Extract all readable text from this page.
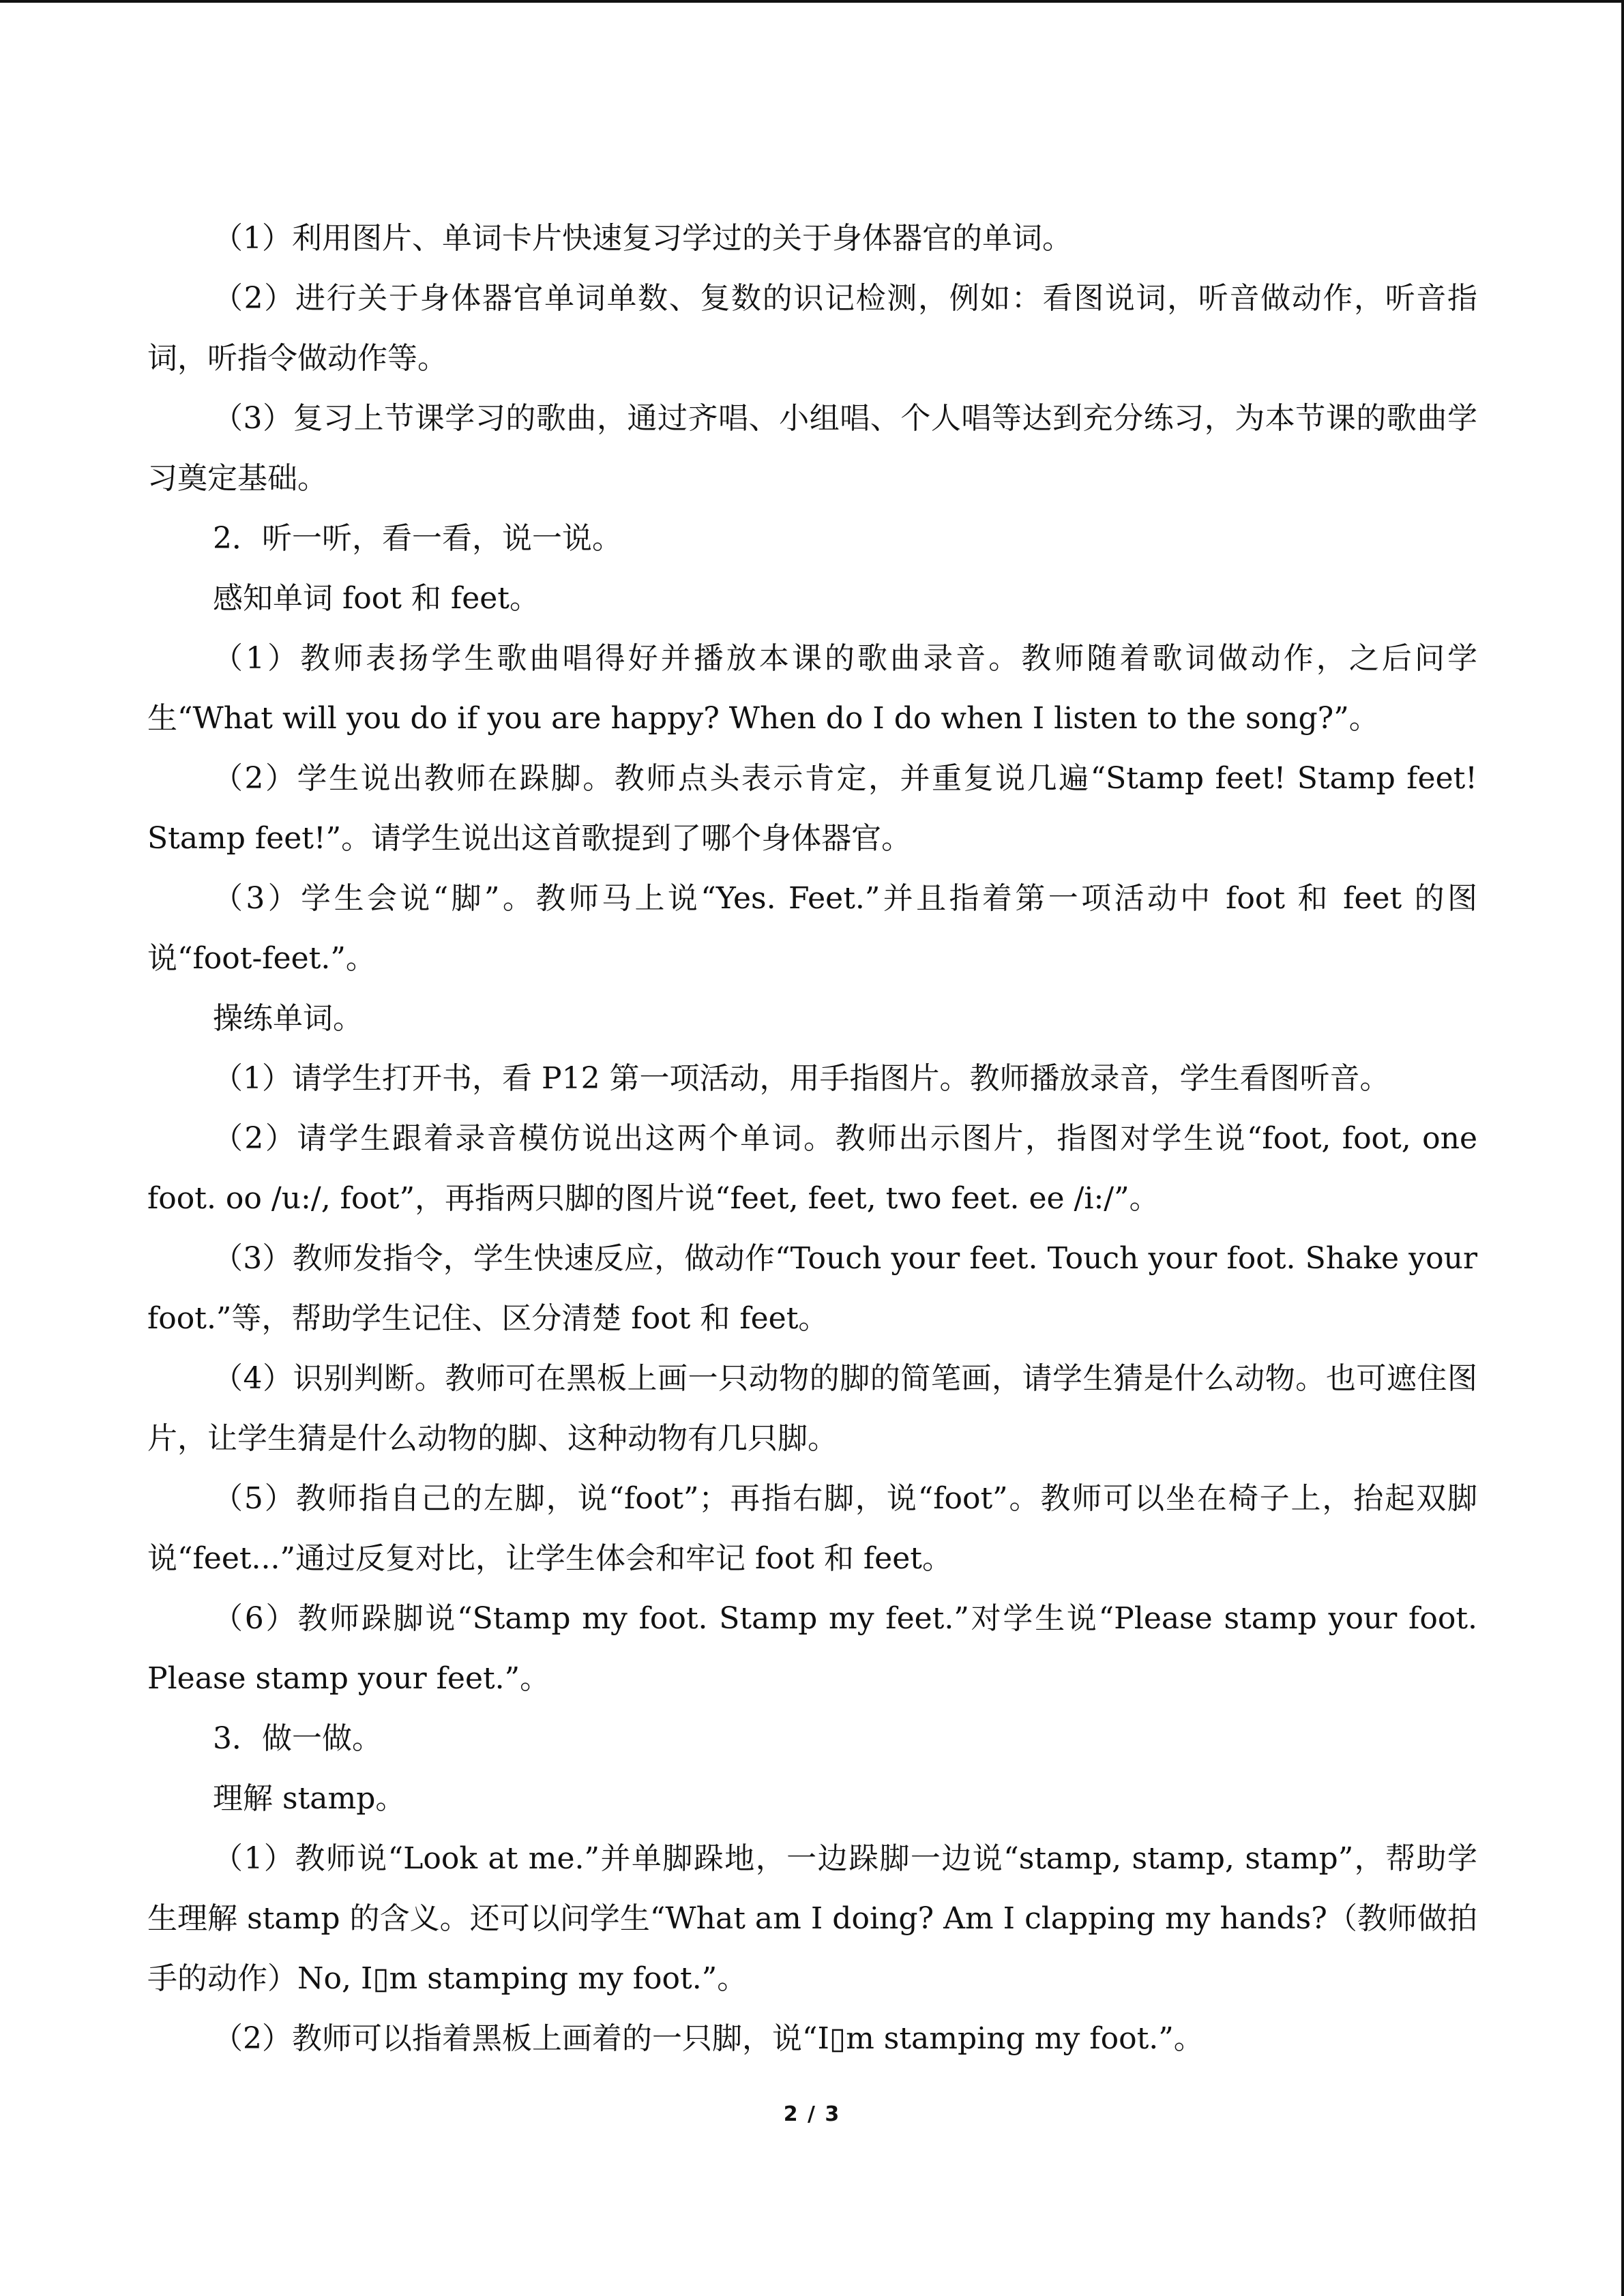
（1）利用图片、单词卡片快速复习学过的关于身体器官的单词。

（2）进行关于身体器官单词单数、复数的识记检测，例如：看图说词，听音做动作，听音指词，听指令做动作等。

（3）复习上节课学习的歌曲，通过齐唱、小组唱、个人唱等达到充分练习，为本节课的歌曲学习奠定基础。

2．听一听，看一看，说一说。

感知单词 foot 和 feet。

（1）教师表扬学生歌曲唱得好并播放本课的歌曲录音。教师随着歌词做动作，之后问学生“What will you do if you are happy? When do I do when I listen to the song?”。

（2）学生说出教师在跺脚。教师点头表示肯定，并重复说几遍“Stamp feet! Stamp feet! Stamp feet!”。请学生说出这首歌提到了哪个身体器官。

（3）学生会说“脚”。教师马上说“Yes. Feet.”并且指着第一项活动中 foot 和 feet 的图说“foot-feet.”。

操练单词。

（1）请学生打开书，看 P12 第一项活动，用手指图片。教师播放录音，学生看图听音。

（2）请学生跟着录音模仿说出这两个单词。教师出示图片，指图对学生说“foot, foot, one foot. oo /u:/, foot”，再指两只脚的图片说“feet, feet, two feet. ee /i:/”。

（3）教师发指令，学生快速反应，做动作“Touch your feet. Touch your foot. Shake your foot.”等，帮助学生记住、区分清楚 foot 和 feet。

（4）识别判断。教师可在黑板上画一只动物的脚的简笔画，请学生猜是什么动物。也可遮住图片，让学生猜是什么动物的脚、这种动物有几只脚。

（5）教师指自己的左脚，说“foot”；再指右脚，说“foot”。教师可以坐在椅子上，抬起双脚说“feet...”通过反复对比，让学生体会和牢记 foot 和 feet。

（6）教师跺脚说“Stamp my foot. Stamp my feet.”对学生说“Please stamp your foot. Please stamp your feet.”。

3．做一做。

理解 stamp。

（1）教师说“Look at me.”并单脚跺地，一边跺脚一边说“stamp, stamp, stamp”，帮助学生理解 stamp 的含义。还可以问学生“What am I doing? Am I clapping my hands?（教师做拍手的动作）No, I▯m stamping my foot.”。

（2）教师可以指着黑板上画着的一只脚，说“I▯m stamping my foot.”。

2 / 3
